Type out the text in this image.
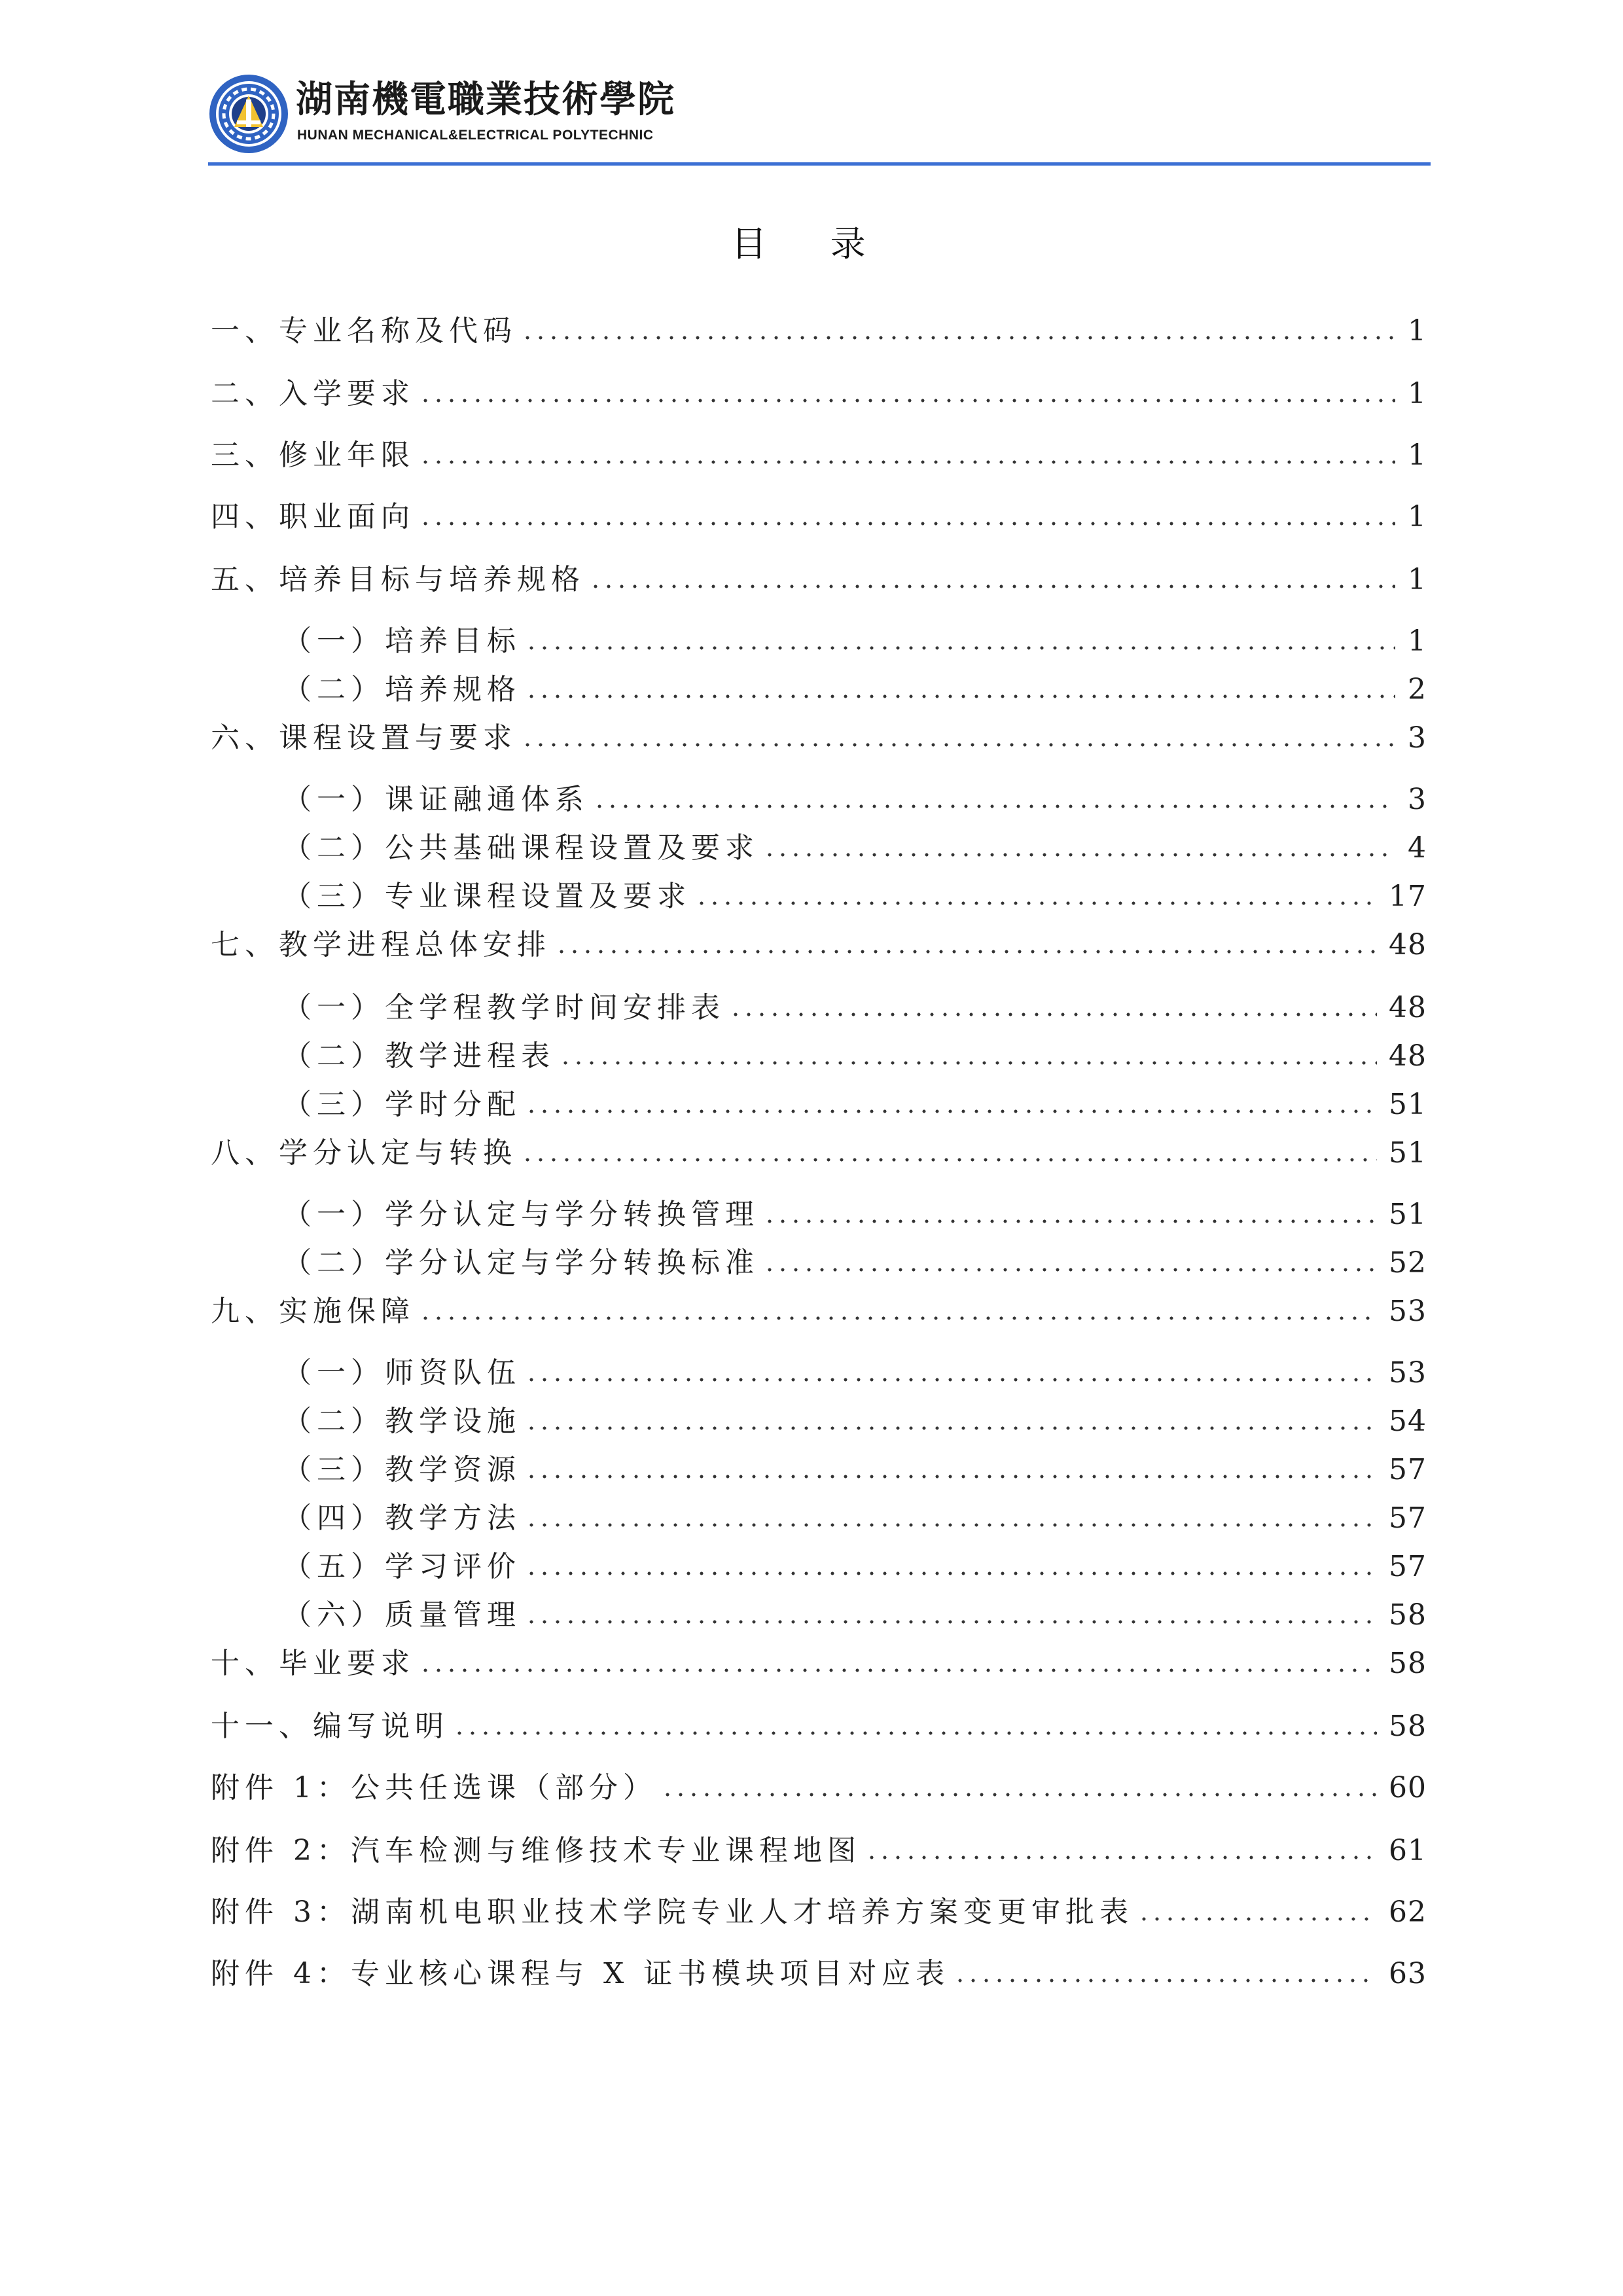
湖南機電職業技術學院
HUNAN MECHANICAL&ELECTRICAL POLYTECHNIC
目 录
一、专业名称及代码	1
二、入学要求	1
三、修业年限	1
四、职业面向	1
五、培养目标与培养规格	1
（一）培养目标	1
（二）培养规格	2
六、课程设置与要求	3
（一）课证融通体系	3
（二）公共基础课程设置及要求	4
（三）专业课程设置及要求	17
七、教学进程总体安排	48
（一）全学程教学时间安排表	48
（二）教学进程表	48
（三）学时分配	51
八、学分认定与转换	51
（一）学分认定与学分转换管理	51
（二）学分认定与学分转换标准	52
九、实施保障	53
（一）师资队伍	53
（二）教学设施	54
（三）教学资源	57
（四）教学方法	57
（五）学习评价	57
（六）质量管理	58
十、毕业要求	58
十一、编写说明	58
附件 1：公共任选课（部分）	60
附件 2：汽车检测与维修技术专业课程地图	61
附件 3：湖南机电职业技术学院专业人才培养方案变更审批表	62
附件 4：专业核心课程与 X 证书模块项目对应表	63
